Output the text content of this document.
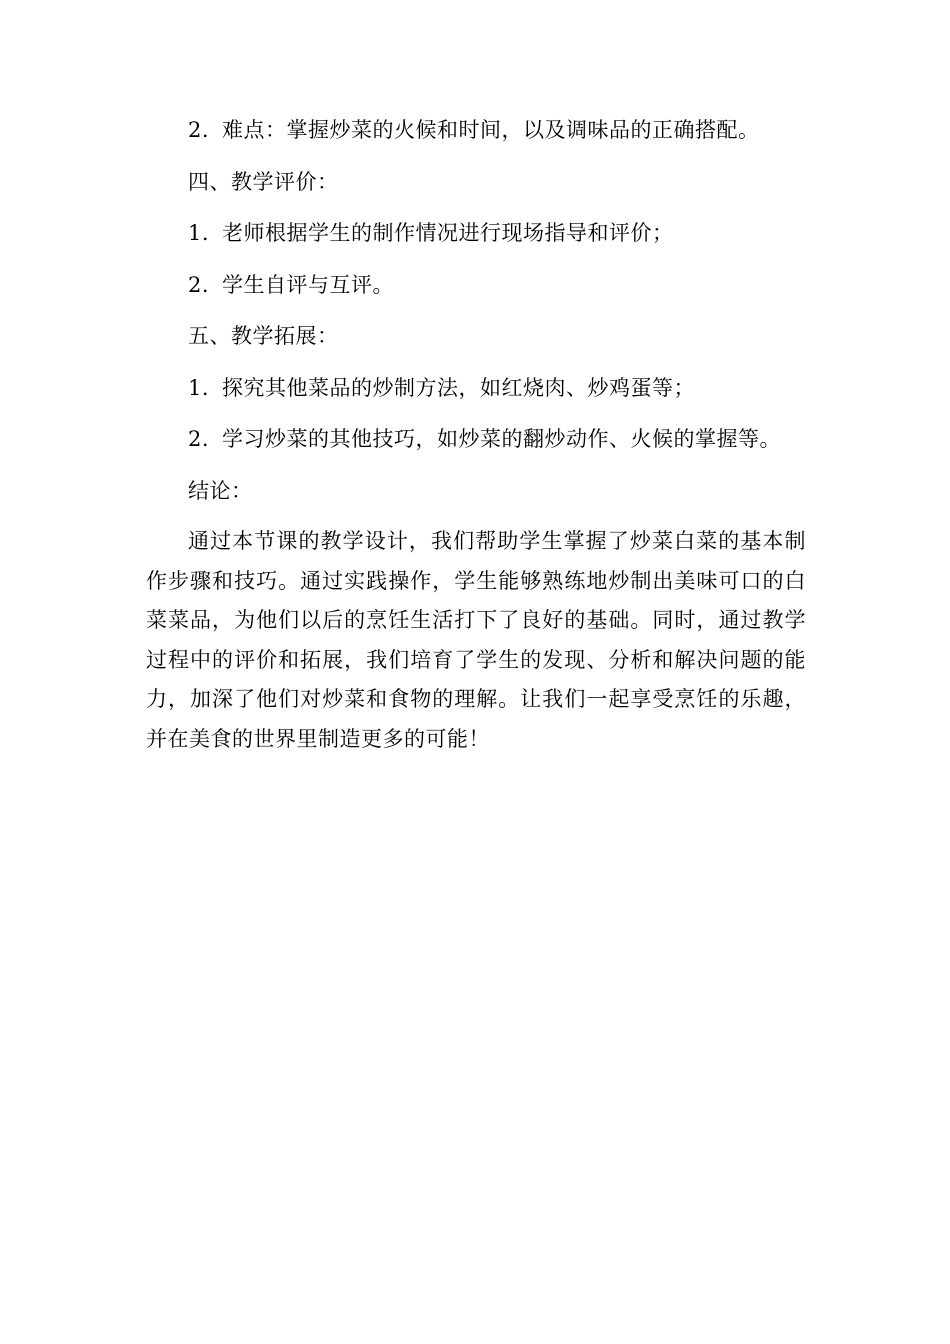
2. 难点：掌握炒菜的火候和时间，以及调味品的正确搭配。
四、教学评价：
1. 老师根据学生的制作情况进行现场指导和评价；
2. 学生自评与互评。
五、教学拓展：
1. 探究其他菜品的炒制方法，如红烧肉、炒鸡蛋等；
2. 学习炒菜的其他技巧，如炒菜的翻炒动作、火候的掌握等。
结论：
通过本节课的教学设计，我们帮助学生掌握了炒菜白菜的基本制作步骤和技巧。通过实践操作，学生能够熟练地炒制出美味可口的白菜菜品，为他们以后的烹饪生活打下了良好的基础。同时，通过教学过程中的评价和拓展，我们培育了学生的发现、分析和解决问题的能力，加深了他们对炒菜和食物的理解。让我们一起享受烹饪的乐趣，并在美食的世界里制造更多的可能！
